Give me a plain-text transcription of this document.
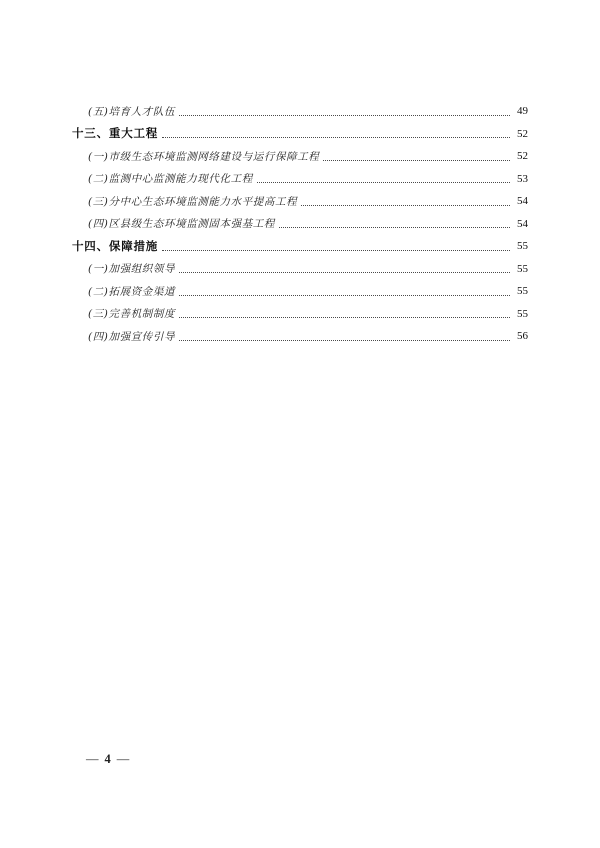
(五)培育人才队伍	49
十三、重大工程	52
(一)市级生态环境监测网络建设与运行保障工程	52
(二)监测中心监测能力现代化工程	53
(三)分中心生态环境监测能力水平提高工程	54
(四)区县级生态环境监测固本强基工程	54
十四、保障措施	55
(一)加强组织领导	55
(二)拓展资金渠道	55
(三)完善机制制度	55
(四)加强宣传引导	56
— 4 —
